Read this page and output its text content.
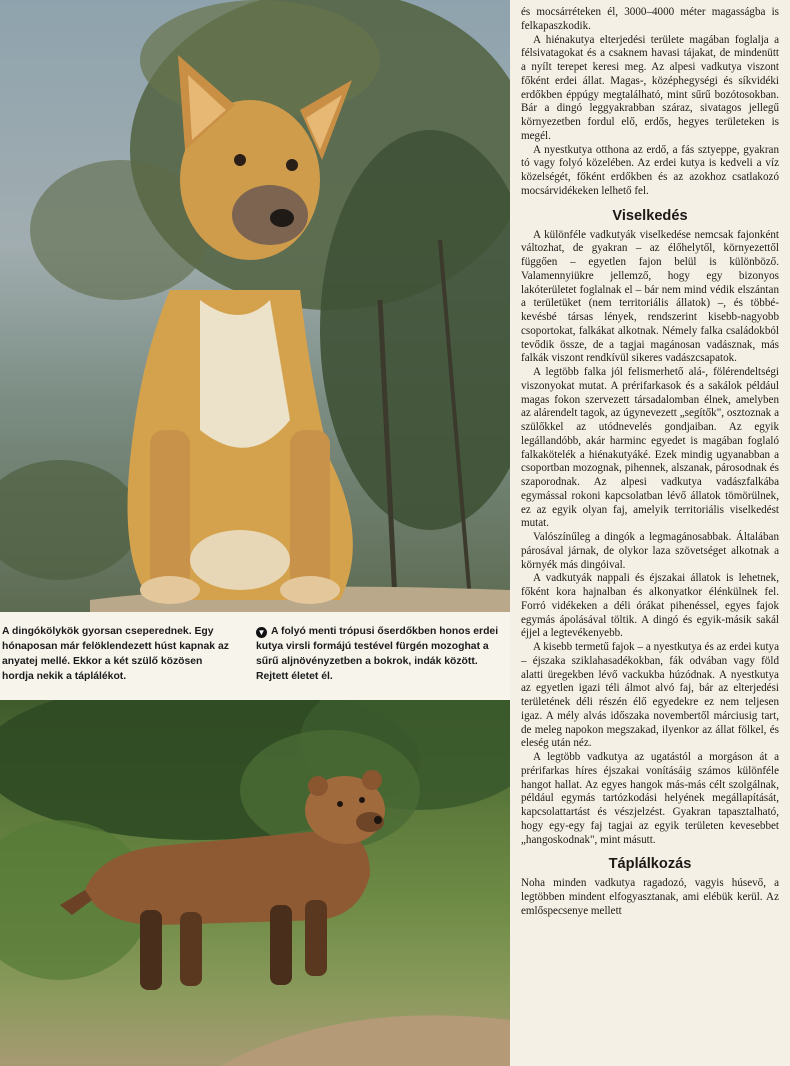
A dingókölykök gyorsan cseperednek. Egy hónaposan már felöklendezett húst kapnak az anyatej mellé. Ekkor a két szülő közösen hordja nekik a táplálékot.
▼ A folyó menti trópusi őserdőkben honos erdei kutya virsli formájú testével fürgén mozoghat a sűrű aljnövényzetben a bokrok, indák között. Rejtett életet él.

és mocsárréteken él, 3000–4000 méter magasságba is felkapaszkodik.

A hiénakutya elterjedési területe magában foglalja a félsivatagokat és a csaknem havasi tájakat, de mindenütt a nyílt terepet keresi meg. Az alpesi vadkutya viszont főként erdei állat. Magas-, középhegységi és síkvidéki erdőkben éppúgy megtalálható, mint sűrű bozótosokban. Bár a dingó leggyakrabban száraz, sivatagos jellegű környezetben fordul elő, erdős, hegyes területeken is megél.

A nyestkutya otthona az erdő, a fás sztyeppe, gyakran tó vagy folyó közelében. Az erdei kutya is kedveli a víz közelségét, főként erdőkben és az azokhoz csatlakozó mocsárvidékeken lelhető fel.

Viselkedés

A különféle vadkutyák viselkedése nemcsak fajonként változhat, de gyakran – az élőhelytől, környezettől függően – egyetlen fajon belül is különböző. Valamennyiükre jellemző, hogy egy bizonyos lakóterületet foglalnak el – bár nem mind védik elszántan a területüket (nem territoriális állatok) –, és többé-kevésbé társas lények, rendszerint kisebb-nagyobb csoportokat, falkákat alkotnak. Némely falka családokból tevődik össze, de a tagjai magánosan vadásznak, más falkák viszont rendkívül sikeres vadászcsapatok.

A legtöbb falka jól felismerhető alá-, fölérendeltségi viszonyokat mutat. A prérifarkasok és a sakálok például magas fokon szervezett társadalomban élnek, amelyben az alárendelt tagok, az úgynevezett „segítők", osztoznak a szülőkkel az utódnevelés gondjaiban. Az egyik legállandóbb, akár harminc egyedet is magában foglaló falkakötelék a hiénakutyáké. Ezek mindig ugyanabban a csoportban mozognak, pihennek, alszanak, párosodnak és szaporodnak. Az alpesi vadkutya vadászfalkába egymással rokoni kapcsolatban lévő állatok tömörülnek, ez az egyik olyan faj, amelyik territoriális viselkedést mutat.

Valószínűleg a dingók a legmagánosabbak. Általában párosával járnak, de olykor laza szövetséget alkotnak a környék más dingóival.

A vadkutyák nappali és éjszakai állatok is lehetnek, főként kora hajnalban és alkonyatkor élénkülnek fel. Forró vidékeken a déli órákat pihenéssel, egyes fajok egymás ápolásával töltik. A dingó és egyik-másik sakál éjjel a legtevékenyebb.

A kisebb termetű fajok – a nyestkutya és az erdei kutya – éjszaka sziklahasadékokban, fák odvában vagy föld alatti üregekben lévő vackukba húzódnak. A nyestkutya az egyetlen igazi téli álmot alvó faj, bár az elterjedési területének déli részén élő egyedekre ez nem teljesen igaz. A mély alvás időszaka novembertől márciusig tart, de meleg napokon megszakad, ilyenkor az állat fölkel, és eleség után néz.

A legtöbb vadkutya az ugatástól a morgáson át a prérifarkas híres éjszakai vonításáig számos különféle hangot hallat. Az egyes hangok más-más célt szolgálnak, például egymás tartózkodási helyének megállapítását, kapcsolattartást és vészjelzést. Gyakran tapasztalható, hogy egy-egy faj tagjai az egyik területen kevesebbet „hangoskodnak", mint másutt.

Táplálkozás

Noha minden vadkutya ragadozó, vagyis húsevő, a legtöbben mindent elfogyasztanak, ami elébük kerül. Az emlőspecsenye mellett
